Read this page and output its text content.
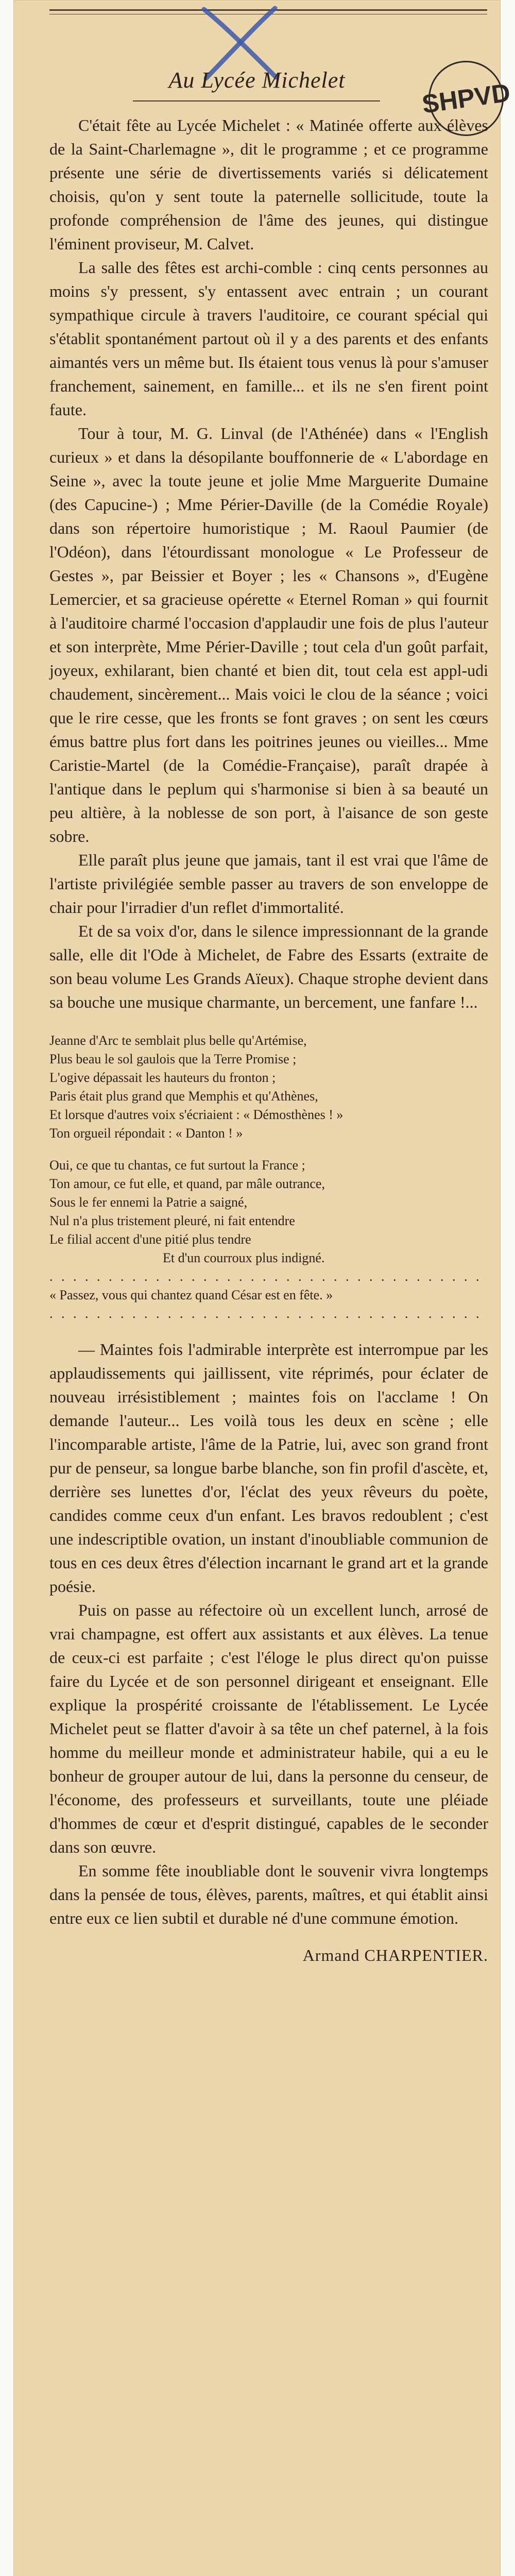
Au Lycée Michelet	SHPVD

C'était fête au Lycée Michelet : « Matinée offerte aux élèves de la Saint-Charlemagne », dit le programme ; et ce programme présente une série de divertissements variés si délicatement choisis, qu'on y sent toute la paternelle sollicitude, toute la profonde compréhension de l'âme des jeunes, qui distingue l'éminent proviseur, M. Calvet.

La salle des fêtes est archi-comble : cinq cents personnes au moins s'y pressent, s'y entassent avec entrain ; un courant sympathique circule à travers l'auditoire, ce courant spécial qui s'établit spontanément partout où il y a des parents et des enfants aimantés vers un même but. Ils étaient tous venus là pour s'amuser franchement, sainement, en famille... et ils ne s'en firent point faute.

Tour à tour, M. G. Linval (de l'Athénée) dans « l'English curieux » et dans la désopilante bouffonnerie de « L'abordage en Seine », avec la toute jeune et jolie Mme Marguerite Dumaine (des Capucine-) ; Mme Périer-Daville (de la Comédie Royale) dans son répertoire humoristique ; M. Raoul Paumier (de l'Odéon), dans l'étourdissant monologue « Le Professeur de Gestes », par Beissier et Boyer ; les « Chansons », d'Eugène Lemercier, et sa gracieuse opérette « Eternel Roman » qui fournit à l'auditoire charmé l'occasion d'applaudir une fois de plus l'auteur et son interprète, Mme Périer-Daville ; tout cela d'un goût parfait, joyeux, exhilarant, bien chanté et bien dit, tout cela est appl-udi chaudement, sincèrement... Mais voici le clou de la séance ; voici que le rire cesse, que les fronts se font graves ; on sent les cœurs émus battre plus fort dans les poitrines jeunes ou vieilles... Mme Caristie-Martel (de la Comédie-Française), paraît drapée à l'antique dans le peplum qui s'harmonise si bien à sa beauté un peu altière, à la noblesse de son port, à l'aisance de son geste sobre.

Elle paraît plus jeune que jamais, tant il est vrai que l'âme de l'artiste privilégiée semble passer au travers de son enveloppe de chair pour l'irradier d'un reflet d'immortalité.

Et de sa voix d'or, dans le silence impressionnant de la grande salle, elle dit l'Ode à Michelet, de Fabre des Essarts (extraite de son beau volume Les Grands Aïeux). Chaque strophe devient dans sa bouche une musique charmante, un bercement, une fanfare !...

Jeanne d'Arc te semblait plus belle qu'Artémise,
Plus beau le sol gaulois que la Terre Promise ;
L'ogive dépassait les hauteurs du fronton ;
Paris était plus grand que Memphis et qu'Athènes,
Et lorsque d'autres voix s'écriaient : « Démosthènes ! »
Ton orgueil répondait : « Danton ! »
Oui, ce que tu chantas, ce fut surtout la France ;
Ton amour, ce fut elle, et quand, par mâle outrance,
Sous le fer ennemi la Patrie a saigné,
Nul n'a plus tristement pleuré, ni fait entendre
Le filial accent d'une pitié plus tendre
Et d'un courroux plus indigné.
. . . . . . . . . . . . . . . . . . . . . . . . . . . . . . . . . . . . .
« Passez, vous qui chantez quand César est en fête. »
. . . . . . . . . . . . . . . . . . . . . . . . . . . . . . . . . . . . .

— Maintes fois l'admirable interprète est interrompue par les applaudissements qui jaillissent, vite réprimés, pour éclater de nouveau irrésistiblement ; maintes fois on l'acclame ! On demande l'auteur... Les voilà tous les deux en scène ; elle l'incomparable artiste, l'âme de la Patrie, lui, avec son grand front pur de penseur, sa longue barbe blanche, son fin profil d'ascète, et, derrière ses lunettes d'or, l'éclat des yeux rêveurs du poète, candides comme ceux d'un enfant. Les bravos redoublent ; c'est une indescriptible ovation, un instant d'inoubliable communion de tous en ces deux êtres d'élection incarnant le grand art et la grande poésie.

Puis on passe au réfectoire où un excellent lunch, arrosé de vrai champagne, est offert aux assistants et aux élèves. La tenue de ceux-ci est parfaite ; c'est l'éloge le plus direct qu'on puisse faire du Lycée et de son personnel dirigeant et enseignant. Elle explique la prospérité croissante de l'établissement. Le Lycée Michelet peut se flatter d'avoir à sa tête un chef paternel, à la fois homme du meilleur monde et administrateur habile, qui a eu le bonheur de grouper autour de lui, dans la personne du censeur, de l'économe, des professeurs et surveillants, toute une pléiade d'hommes de cœur et d'esprit distingué, capables de le seconder dans son œuvre.

En somme fête inoubliable dont le souvenir vivra longtemps dans la pensée de tous, élèves, parents, maîtres, et qui établit ainsi entre eux ce lien subtil et durable né d'une commune émotion.

Armand CHARPENTIER.
